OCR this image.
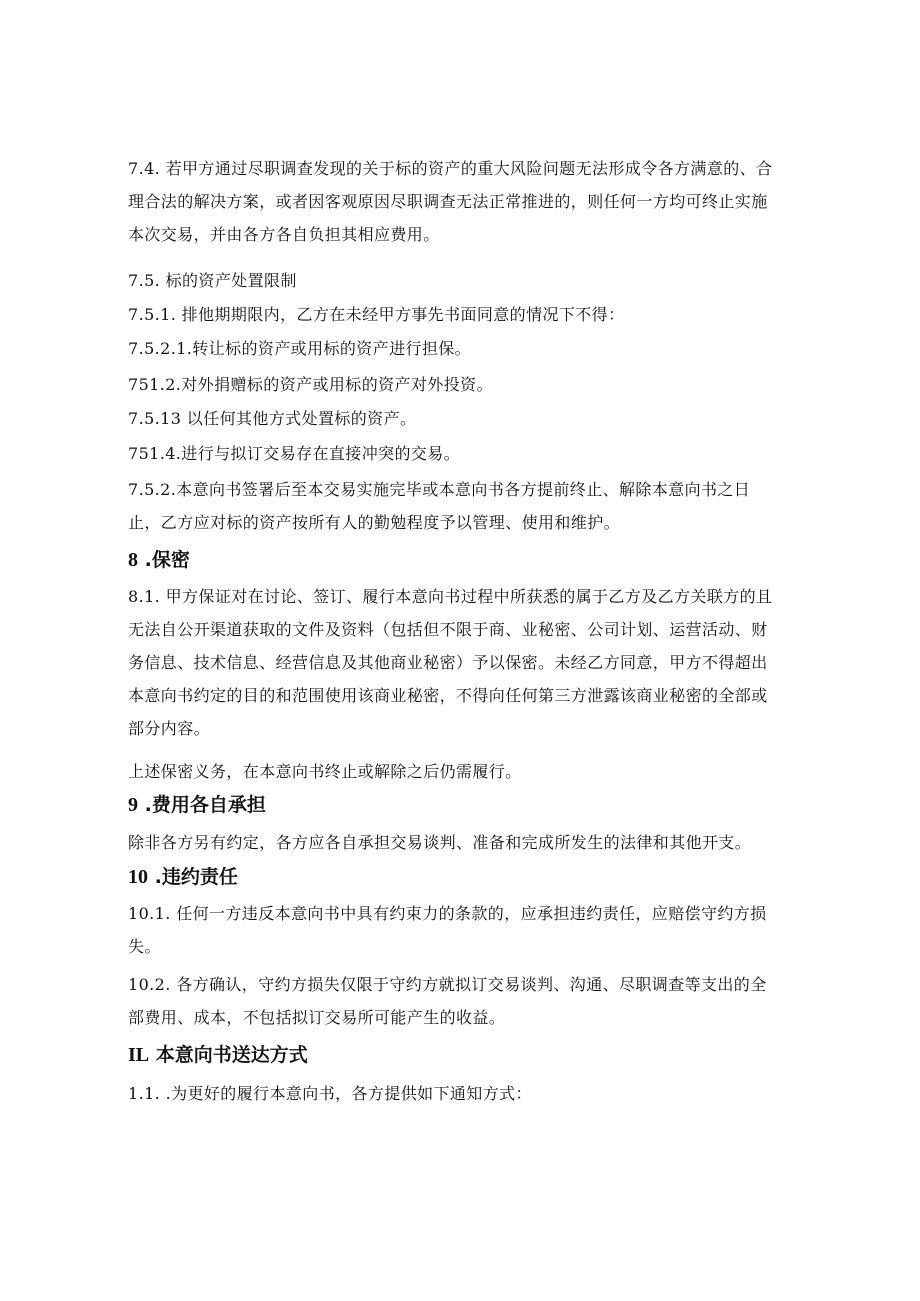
7.4. 若甲方通过尽职调查发现的关于标的资产的重大风险问题无法形成令各方满意的、合理合法的解决方案，或者因客观原因尽职调查无法正常推进的，则任何一方均可终止实施本次交易，并由各方各自负担其相应费用。

7.5. 标的资产处置限制

7.5.1. 排他期期限内，乙方在未经甲方事先书面同意的情况下不得：

7.5.2.1.转让标的资产或用标的资产进行担保。

751.2.对外捐赠标的资产或用标的资产对外投资。

7.5.13 以任何其他方式处置标的资产。

751.4.进行与拟订交易存在直接冲突的交易。

7.5.2.本意向书签署后至本交易实施完毕或本意向书各方提前终止、解除本意向书之日止，乙方应对标的资产按所有人的勤勉程度予以管理、使用和维护。

8 .保密

8.1. 甲方保证对在讨论、签订、履行本意向书过程中所获悉的属于乙方及乙方关联方的且无法自公开渠道获取的文件及资料（包括但不限于商、业秘密、公司计划、运营活动、财务信息、技术信息、经营信息及其他商业秘密）予以保密。未经乙方同意，甲方不得超出本意向书约定的目的和范围使用该商业秘密，不得向任何第三方泄露该商业秘密的全部或部分内容。

上述保密义务，在本意向书终止或解除之后仍需履行。

9 .费用各自承担

除非各方另有约定，各方应各自承担交易谈判、准备和完成所发生的法律和其他开支。

10 .违约责任

10.1. 任何一方违反本意向书中具有约束力的条款的，应承担违约责任，应赔偿守约方损失。

10.2. 各方确认，守约方损失仅限于守约方就拟订交易谈判、沟通、尽职调查等支出的全部费用、成本，不包括拟订交易所可能产生的收益。

IL 本意向书送达方式

1.1. .为更好的履行本意向书，各方提供如下通知方式：
